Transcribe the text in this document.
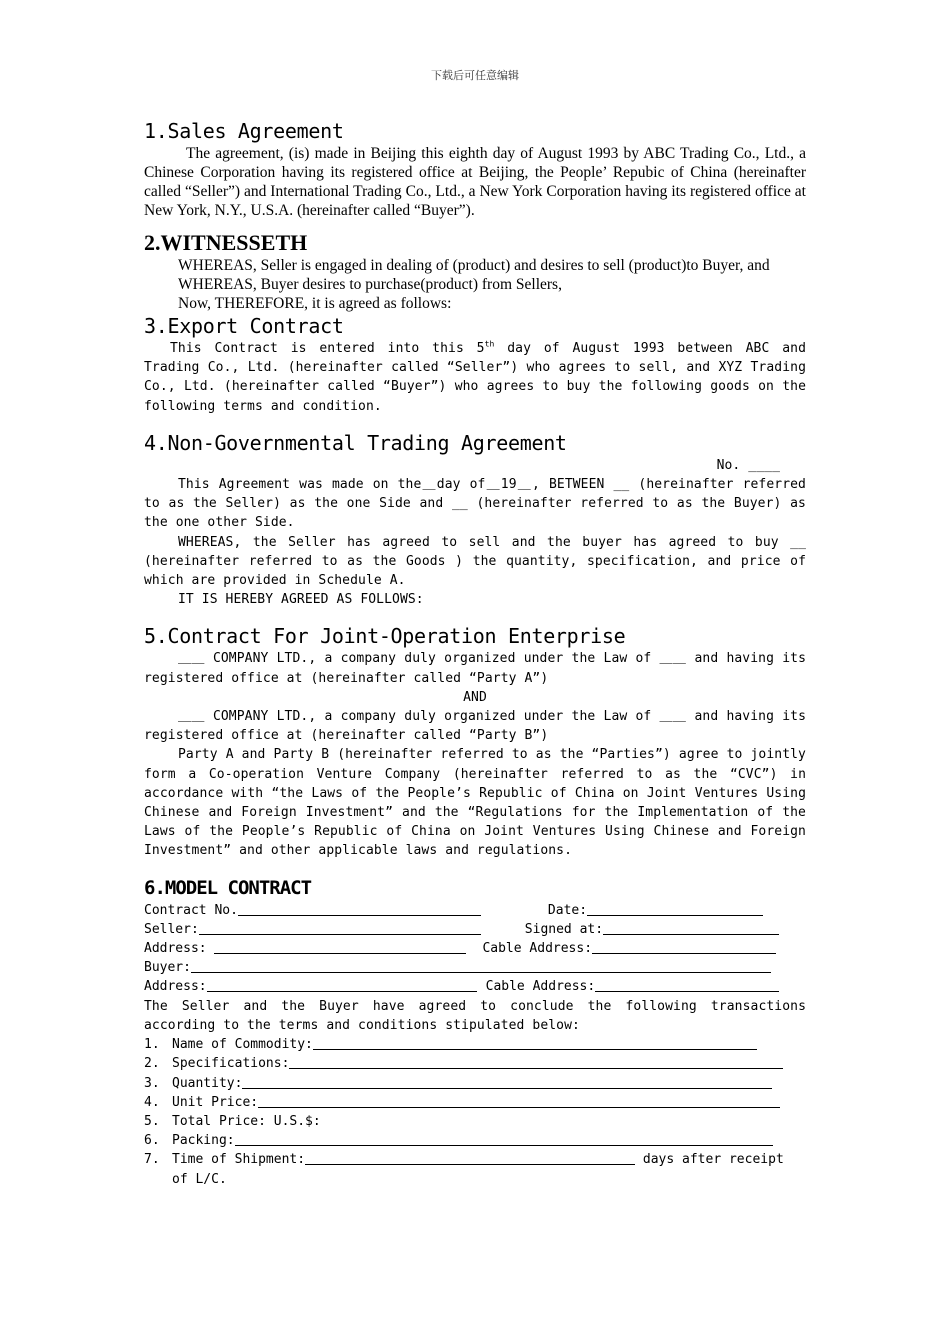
下载后可任意编辑
1.Sales Agreement

The agreement, (is) made in Beijing this eighth day of August 1993 by ABC Trading Co., Ltd., a Chinese Corporation having its registered office at Beijing, the People’ Repubic of China (hereinafter called “Seller”) and International Trading Co., Ltd., a New York Corporation having its registered office at New York, N.Y., U.S.A. (hereinafter called “Buyer”).

2.WITNESSETH

WHEREAS, Seller is engaged in dealing of (product) and desires to sell (product)to Buyer, and

WHEREAS, Buyer desires to purchase(product) from Sellers,

Now, THEREFORE, it is agreed as follows:

3.Export Contract

This Contract is entered into this 5th day of August 1993 between ABC and Trading Co., Ltd. (hereinafter called “Seller”) who agrees to sell, and XYZ Trading Co., Ltd. (hereinafter called “Buyer”) who agrees to buy the following goods on the following terms and condition.

4.Non-Governmental Trading Agreement

No. ____

This Agreement was made on the＿day of＿19＿, BETWEEN __ (hereinafter referred to as the Seller) as the one Side and __ (hereinafter referred to as the Buyer) as the one other Side.

WHEREAS, the Seller has agreed to sell and the buyer has agreed to buy __ (hereinafter referred to as the Goods ) the quantity, specification, and price of which are provided in Schedule A.

IT IS HEREBY AGREED AS FOLLOWS:

5.Contract For Joint-Operation Enterprise

＿＿ COMPANY LTD., a company duly organized under the Law of ＿＿ and having its registered office at (hereinafter called “Party A”)

AND

＿＿ COMPANY LTD., a company duly organized under the Law of ＿＿ and having its registered office at (hereinafter called “Party B”)

Party A and Party B (hereinafter referred to as the “Parties”) agree to jointly form a Co-operation Venture Company (hereinafter referred to as the “CVC”) in accordance with “the Laws of the People’s Republic of China on Joint Ventures Using Chinese and Foreign Investment” and the “Regulations for the Implementation of the Laws of the People’s Republic of China on Joint Ventures Using Chinese and Foreign Investment” and other applicable laws and regulations.

6.MODEL CONTRACT
Contract No.	Date:
Seller:	Signed at:
Address:	Cable Address:
Buyer:
Address:	Cable Address:

The Seller and the Buyer have agreed to conclude the following transactions according to the terms and conditions stipulated below:

1. Name of Commodity:
2. Specifications:
3. Quantity:
4. Unit Price:
5. Total Price: U.S.$:
6. Packing:
7. Time of Shipment:	days after receipt
of L/C.
